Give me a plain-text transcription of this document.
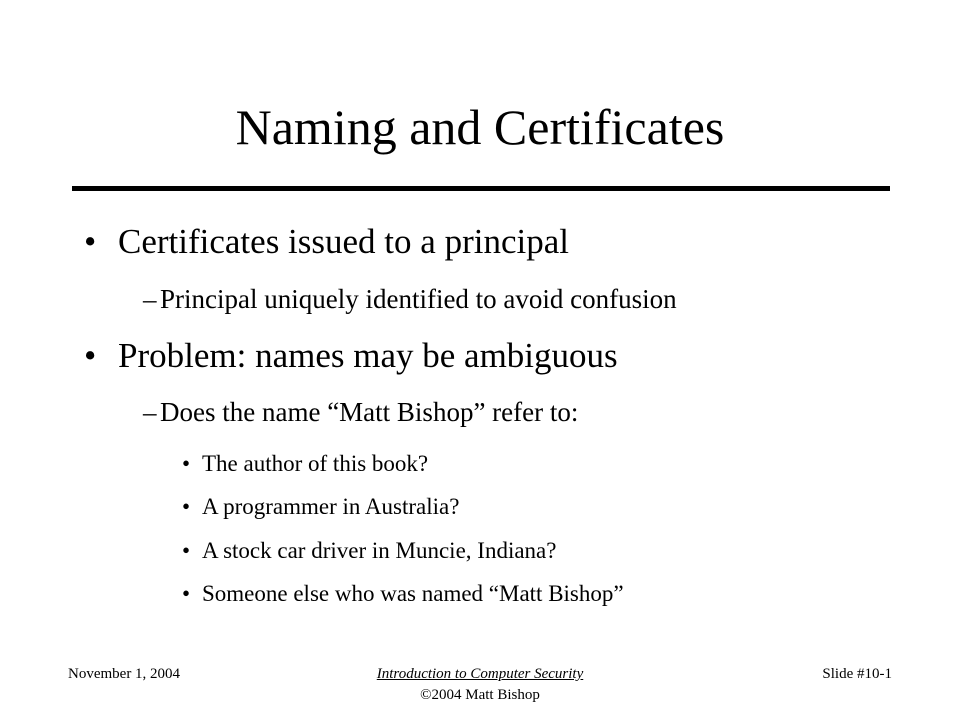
Naming and Certificates
• Certificates issued to a principal
– Principal uniquely identified to avoid confusion
• Problem: names may be ambiguous
– Does the name “Matt Bishop” refer to:
• The author of this book?
• A programmer in Australia?
• A stock car driver in Muncie, Indiana?
• Someone else who was named “Matt Bishop”
November 1, 2004	Introduction to Computer Security
©2004 Matt Bishop
Slide #10-1
